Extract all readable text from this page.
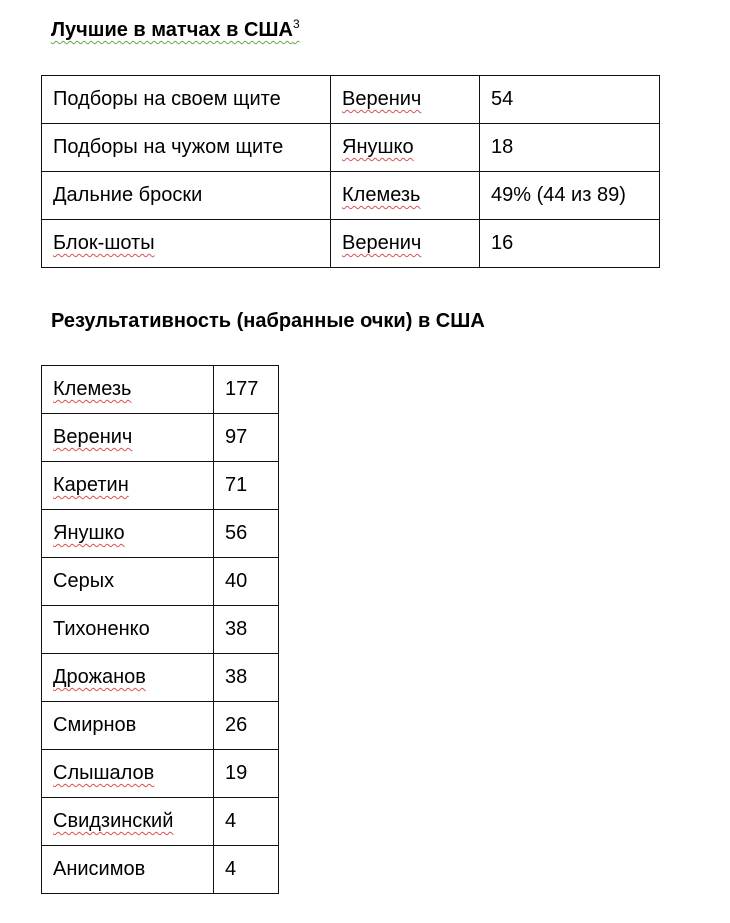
Лучшие в матчах в США$^3$
Подборы на своем щите	Веренич	54
Подборы на чужом щите	Янушко	18
Дальние броски	Клемезь	49% (44 из 89)
Блок-шоты	Веренич	16
Результативность (набранные очки) в США
Клемезь	177
Веренич	97
Каретин	71
Янушко	56
Серых	40
Тихоненко	38
Дрожанов	38
Смирнов	26
Слышалов	19
Свидзинский	4
Анисимов	4
